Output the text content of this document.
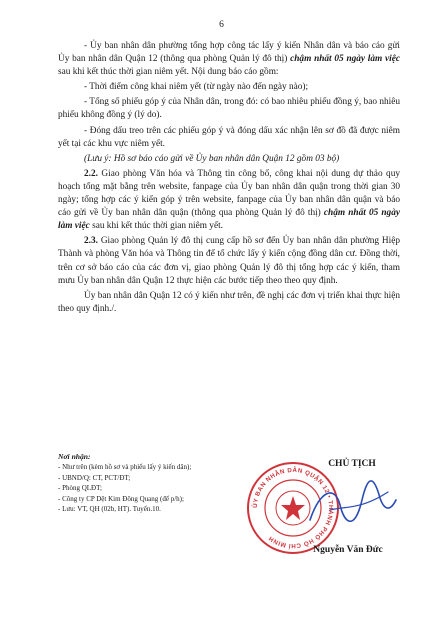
6

- Ủy ban nhân dân phường tổng hợp công tác lấy ý kiến Nhân dân và báo cáo gửi Ủy ban nhân dân Quận 12 (thông qua phòng Quản lý đô thị) chậm nhất 05 ngày làm việc sau khi kết thúc thời gian niêm yết. Nội dung báo cáo gồm:

- Thời điểm công khai niêm yết (từ ngày nào đến ngày nào);

- Tổng số phiếu góp ý của Nhân dân, trong đó: có bao nhiêu phiếu đồng ý, bao nhiêu phiếu không đồng ý (lý do).

- Đóng dấu treo trên các phiếu góp ý và đóng dấu xác nhận lên sơ đồ đã được niêm yết tại các khu vực niêm yết.

(Lưu ý: Hồ sơ báo cáo gửi về Ủy ban nhân dân Quận 12 gồm 03 bộ)

2.2. Giao phòng Văn hóa và Thông tin công bố, công khai nội dung dự thảo quy hoạch tổng mặt bằng trên website, fanpage của Ủy ban nhân dân quận trong thời gian 30 ngày; tổng hợp các ý kiến góp ý trên website, fanpage của Ủy ban nhân dân quận và báo cáo gửi về Ủy ban nhân dân quận (thông qua phòng Quản lý đô thị) chậm nhất 05 ngày làm việc sau khi kết thúc thời gian niêm yết.

2.3. Giao phòng Quản lý đô thị cung cấp hồ sơ đến Ủy ban nhân dân phường Hiệp Thành và phòng Văn hóa và Thông tin để tổ chức lấy ý kiến cộng đồng dân cư. Đồng thời, trên cơ sở báo cáo của các đơn vị, giao phòng Quản lý đô thị tổng hợp các ý kiến, tham mưu Ủy ban nhân dân Quận 12 thực hiện các bước tiếp theo theo quy định.

Ủy ban nhân dân Quận 12 có ý kiến như trên, đề nghị các đơn vị triển khai thực hiện theo quy định./.

Nơi nhận:
- Như trên (kèm hồ sơ và phiếu lấy ý kiến dân);
- UBND/Q: CT, PCT/ĐT;
- Phòng QLĐT;
- Công ty CP Dệt Kim Đông Quang (để p/h);
- Lưu: VT, QH (02b, HT). Tuyến.10.	ỦY BAN NHÂN DÂN QUẬN 12 • THÀNH PHỐ HỒ CHÍ MINH
CHỦ TỊCH
Nguyễn Văn Đức
